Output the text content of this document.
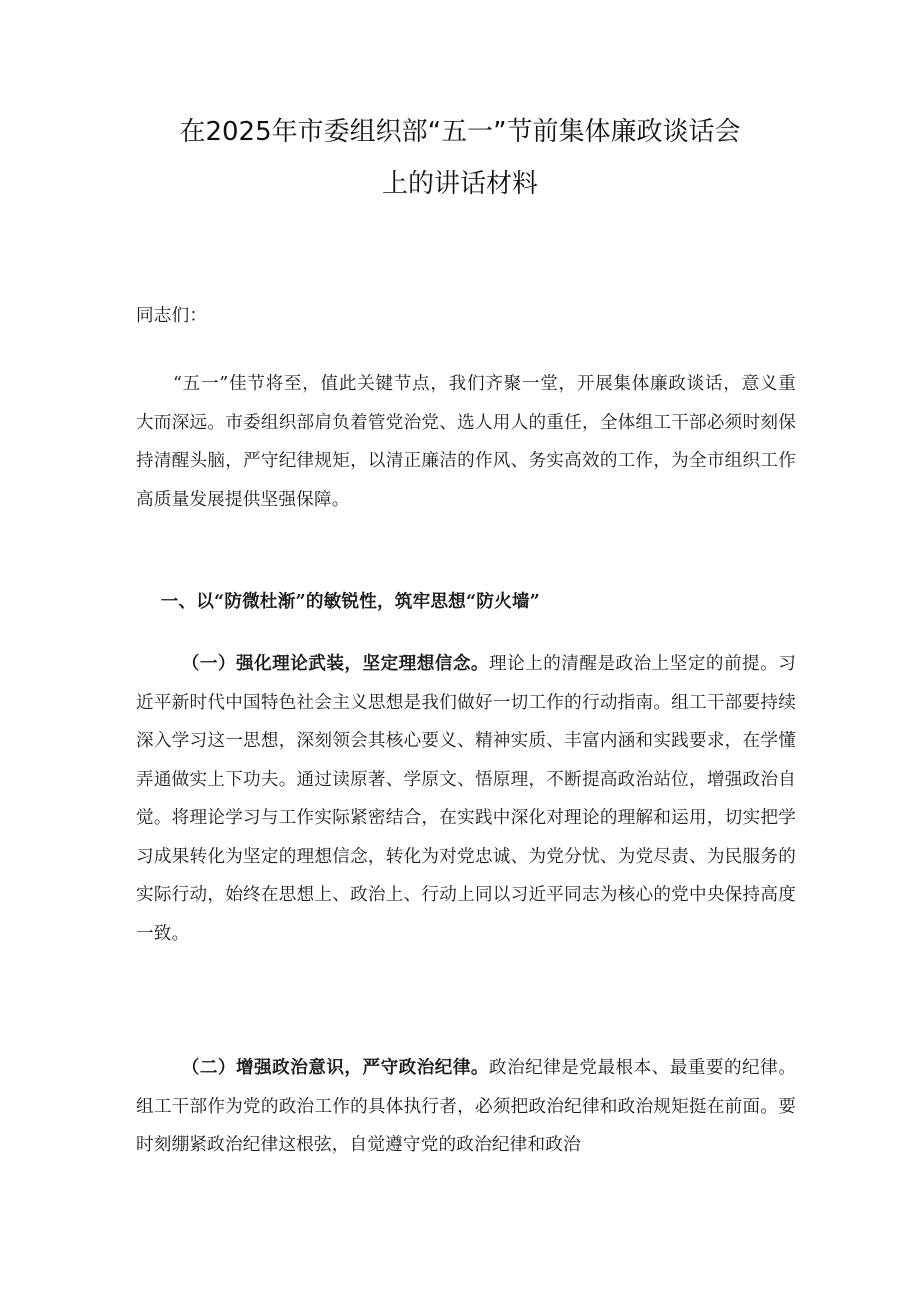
在2025年市委组织部“五一”节前集体廉政谈话会
上的讲话材料

同志们：

“五一”佳节将至，值此关键节点，我们齐聚一堂，开展集体廉政谈话，意义重大而深远。市委组织部肩负着管党治党、选人用人的重任，全体组工干部必须时刻保持清醒头脑，严守纪律规矩，以清正廉洁的作风、务实高效的工作，为全市组织工作高质量发展提供坚强保障。

一、以“防微杜渐”的敏锐性，筑牢思想“防火墙”

（一）强化理论武装，坚定理想信念。理论上的清醒是政治上坚定的前提。习近平新时代中国特色社会主义思想是我们做好一切工作的行动指南。组工干部要持续深入学习这一思想，深刻领会其核心要义、精神实质、丰富内涵和实践要求，在学懂弄通做实上下功夫。通过读原著、学原文、悟原理，不断提高政治站位，增强政治自觉。将理论学习与工作实际紧密结合，在实践中深化对理论的理解和运用，切实把学习成果转化为坚定的理想信念，转化为对党忠诚、为党分忧、为党尽责、为民服务的实际行动，始终在思想上、政治上、行动上同以习近平同志为核心的党中央保持高度一致。

（二）增强政治意识，严守政治纪律。政治纪律是党最根本、最重要的纪律。组工干部作为党的政治工作的具体执行者，必须把政治纪律和政治规矩挺在前面。要时刻绷紧政治纪律这根弦，自觉遵守党的政治纪律和政治
